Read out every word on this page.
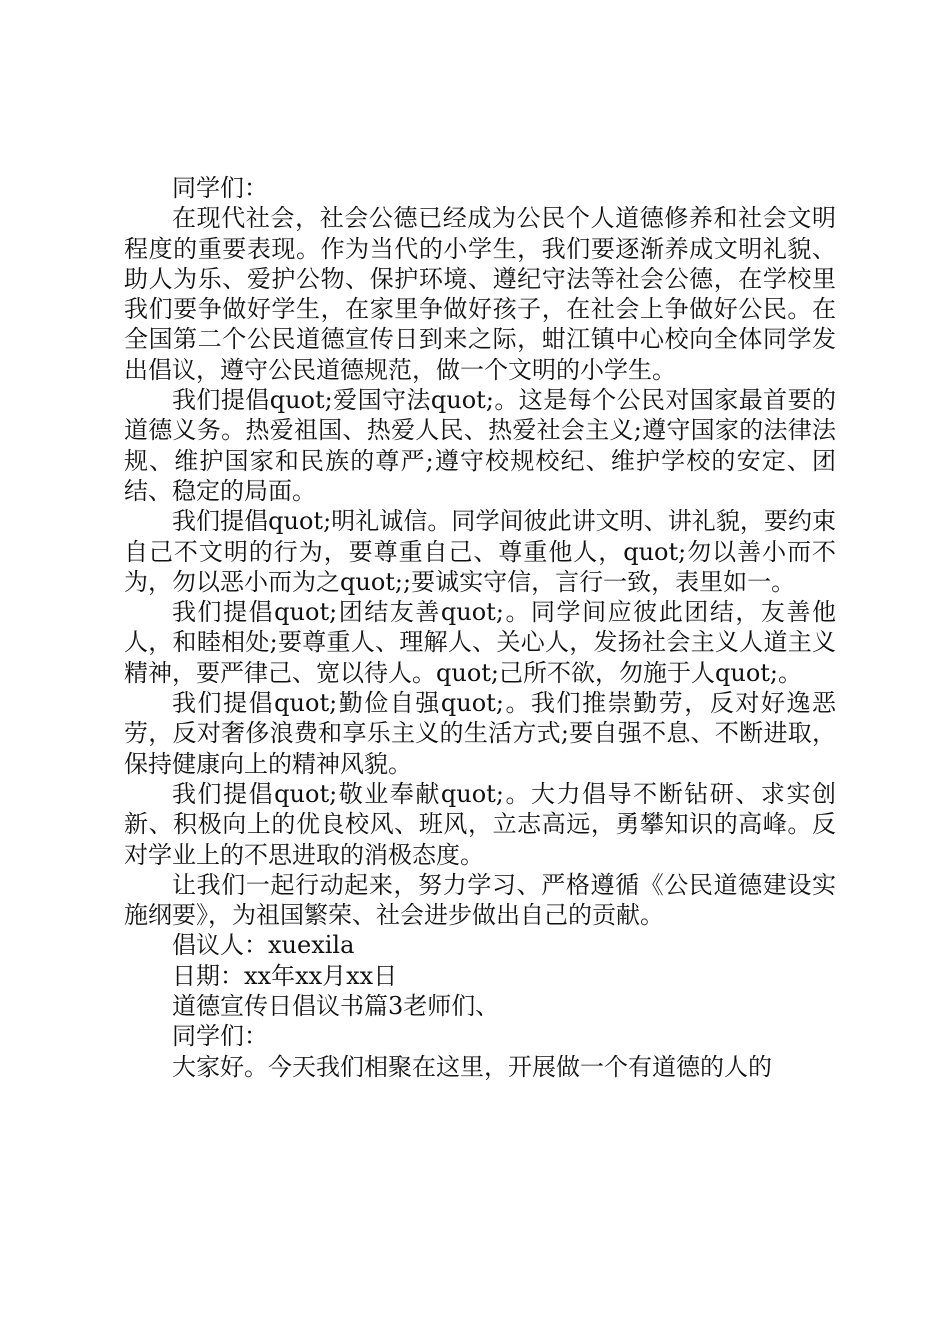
同学们：

在现代社会，社会公德已经成为公民个人道德修养和社会文明程度的重要表现。作为当代的小学生，我们要逐渐养成文明礼貌、助人为乐、爱护公物、保护环境、遵纪守法等社会公德，在学校里我们要争做好学生，在家里争做好孩子，在社会上争做好公民。在全国第二个公民道德宣传日到来之际，蚶江镇中心校向全体同学发出倡议，遵守公民道德规范，做一个文明的小学生。

我们提倡quot;爱国守法quot;。这是每个公民对国家最首要的道德义务。热爱祖国、热爱人民、热爱社会主义;遵守国家的法律法规、维护国家和民族的尊严;遵守校规校纪、维护学校的安定、团结、稳定的局面。

我们提倡quot;明礼诚信。同学间彼此讲文明、讲礼貌，要约束自己不文明的行为，要尊重自己、尊重他人，quot;勿以善小而不为，勿以恶小而为之quot;;要诚实守信，言行一致，表里如一。

我们提倡quot;团结友善quot;。同学间应彼此团结，友善他人，和睦相处;要尊重人、理解人、关心人，发扬社会主义人道主义精神，要严律己、宽以待人。quot;己所不欲，勿施于人quot;。

我们提倡quot;勤俭自强quot;。我们推崇勤劳，反对好逸恶劳，反对奢侈浪费和享乐主义的生活方式;要自强不息、不断进取，保持健康向上的精神风貌。

我们提倡quot;敬业奉献quot;。大力倡导不断钻研、求实创新、积极向上的优良校风、班风，立志高远，勇攀知识的高峰。反对学业上的不思进取的消极态度。

让我们一起行动起来，努力学习、严格遵循《公民道德建设实施纲要》，为祖国繁荣、社会进步做出自己的贡献。

倡议人：xuexila

日期：xx年xx月xx日

道德宣传日倡议书篇3老师们、

同学们：

大家好。今天我们相聚在这里，开展做一个有道德的人的
